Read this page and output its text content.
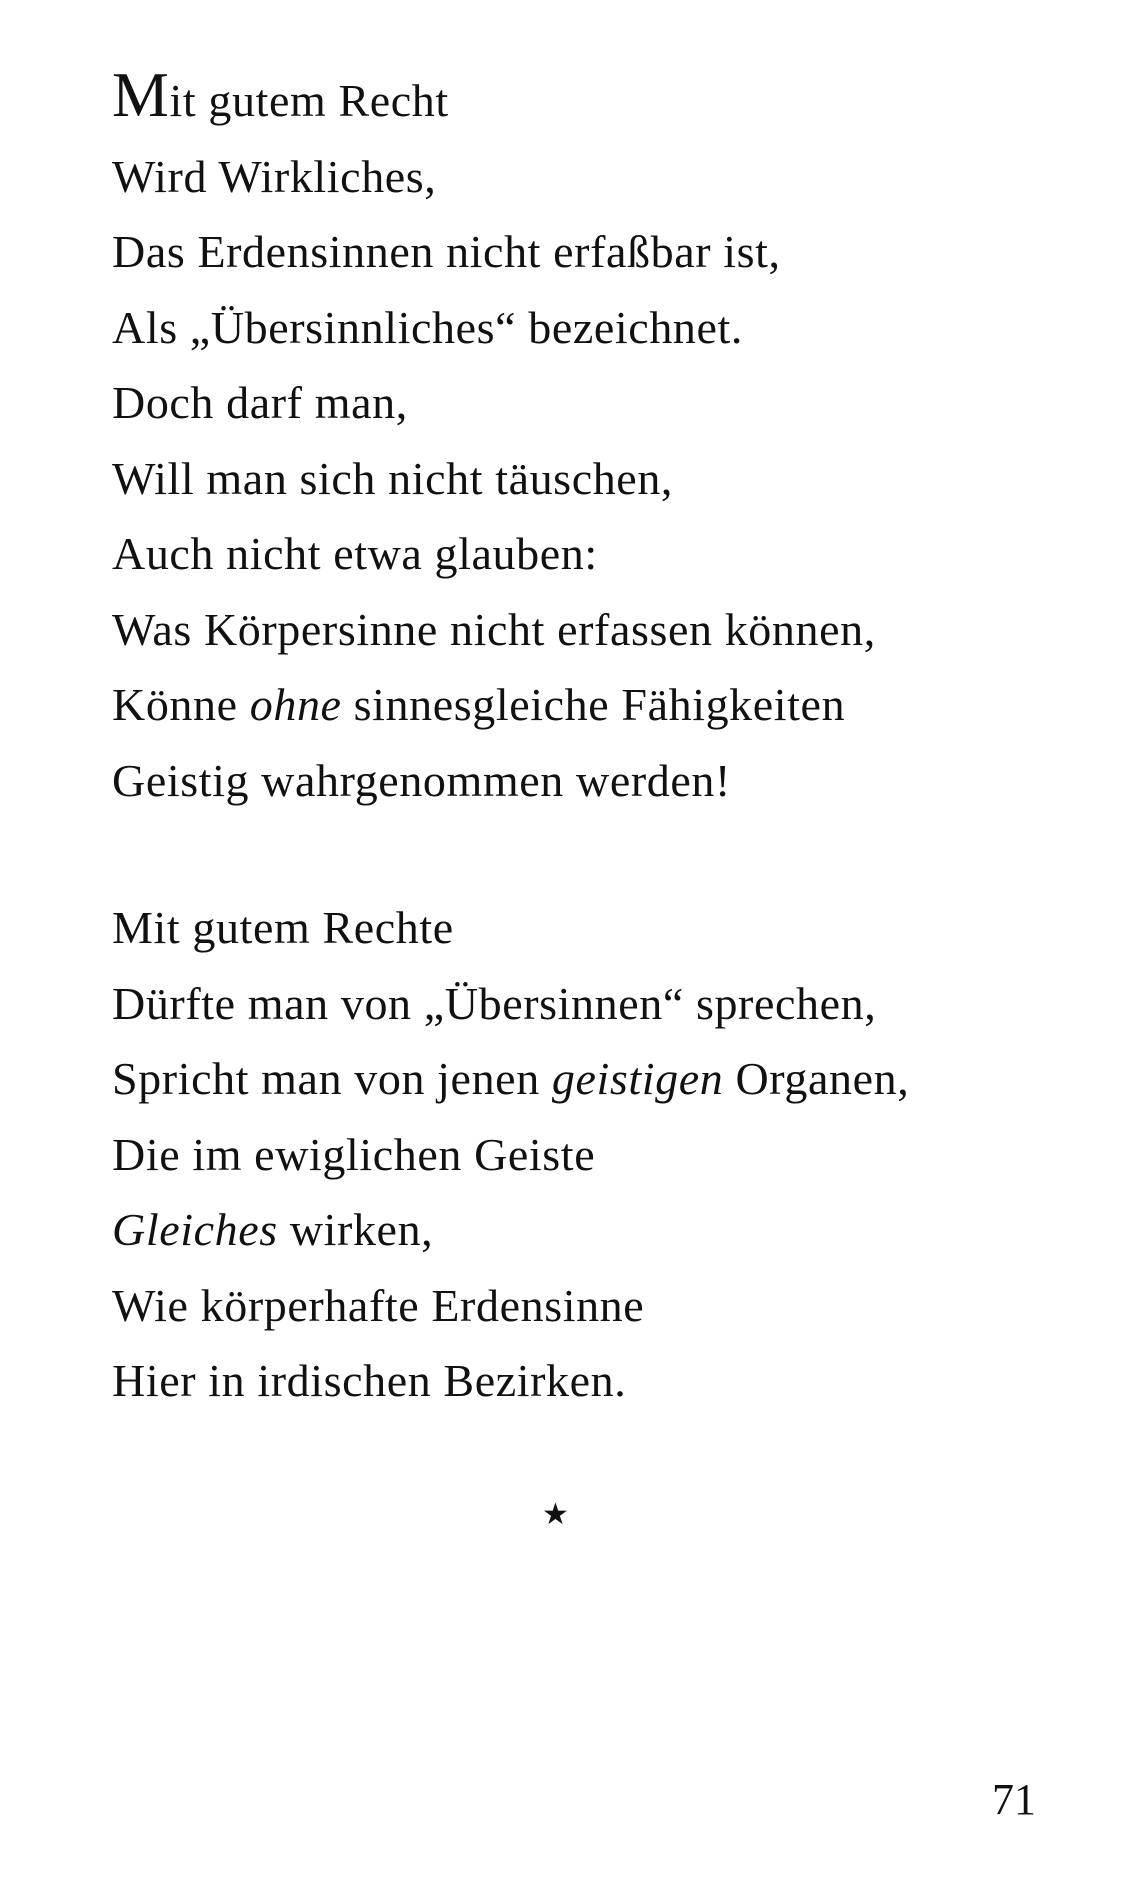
Mit gutem Recht
Wird Wirkliches,
Das Erdensinnen nicht erfaßbar ist,
Als „Übersinnliches“ bezeichnet.
Doch darf man,
Will man sich nicht täuschen,
Auch nicht etwa glauben:
Was Körpersinne nicht erfassen können,
Könne ohne sinnesgleiche Fähigkeiten
Geistig wahrgenommen werden!
Mit gutem Rechte
Dürfte man von „Übersinnen“ sprechen,
Spricht man von jenen geistigen Organen,
Die im ewiglichen Geiste
Gleiches wirken,
Wie körperhafte Erdensinne
Hier in irdischen Bezirken.
★
71
